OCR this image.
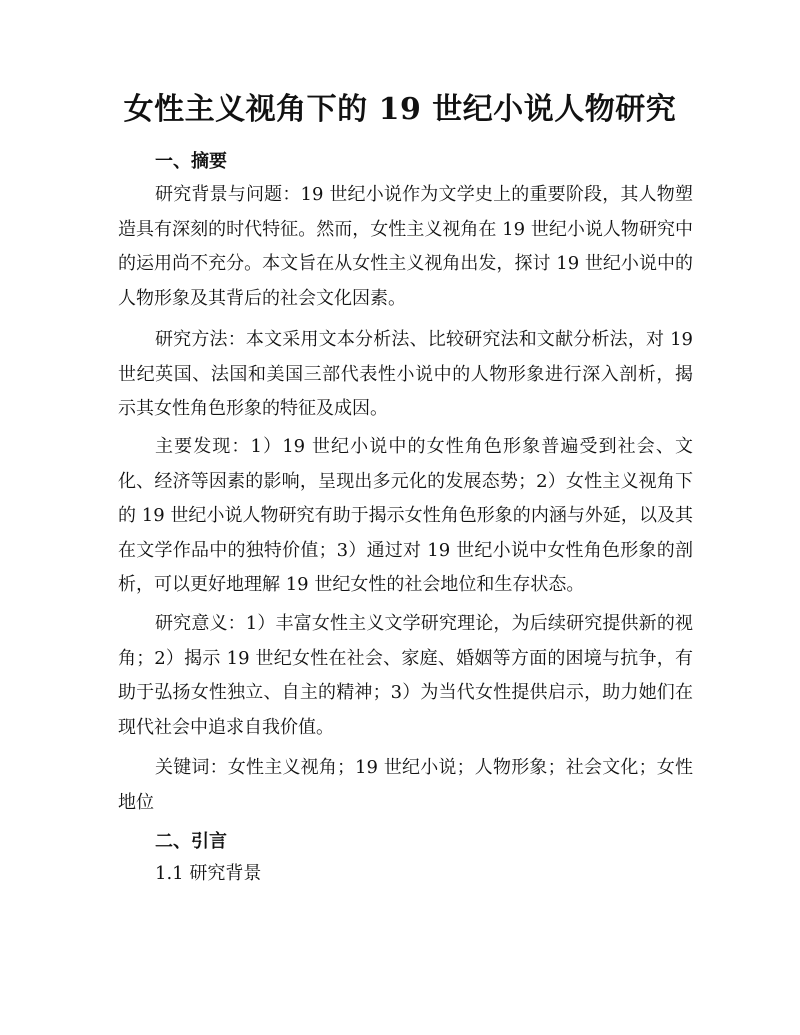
女性主义视角下的 19 世纪小说人物研究
一、摘要
研究背景与问题：19 世纪小说作为文学史上的重要阶段，其人物塑造具有深刻的时代特征。然而，女性主义视角在 19 世纪小说人物研究中的运用尚不充分。本文旨在从女性主义视角出发，探讨 19 世纪小说中的人物形象及其背后的社会文化因素。
研究方法：本文采用文本分析法、比较研究法和文献分析法，对 19 世纪英国、法国和美国三部代表性小说中的人物形象进行深入剖析，揭示其女性角色形象的特征及成因。
主要发现：1）19 世纪小说中的女性角色形象普遍受到社会、文化、经济等因素的影响，呈现出多元化的发展态势；2）女性主义视角下的 19 世纪小说人物研究有助于揭示女性角色形象的内涵与外延，以及其在文学作品中的独特价值；3）通过对 19 世纪小说中女性角色形象的剖析，可以更好地理解 19 世纪女性的社会地位和生存状态。
研究意义：1）丰富女性主义文学研究理论，为后续研究提供新的视角；2）揭示 19 世纪女性在社会、家庭、婚姻等方面的困境与抗争，有助于弘扬女性独立、自主的精神；3）为当代女性提供启示，助力她们在现代社会中追求自我价值。
关键词：女性主义视角；19 世纪小说；人物形象；社会文化；女性地位
二、引言
1.1 研究背景
